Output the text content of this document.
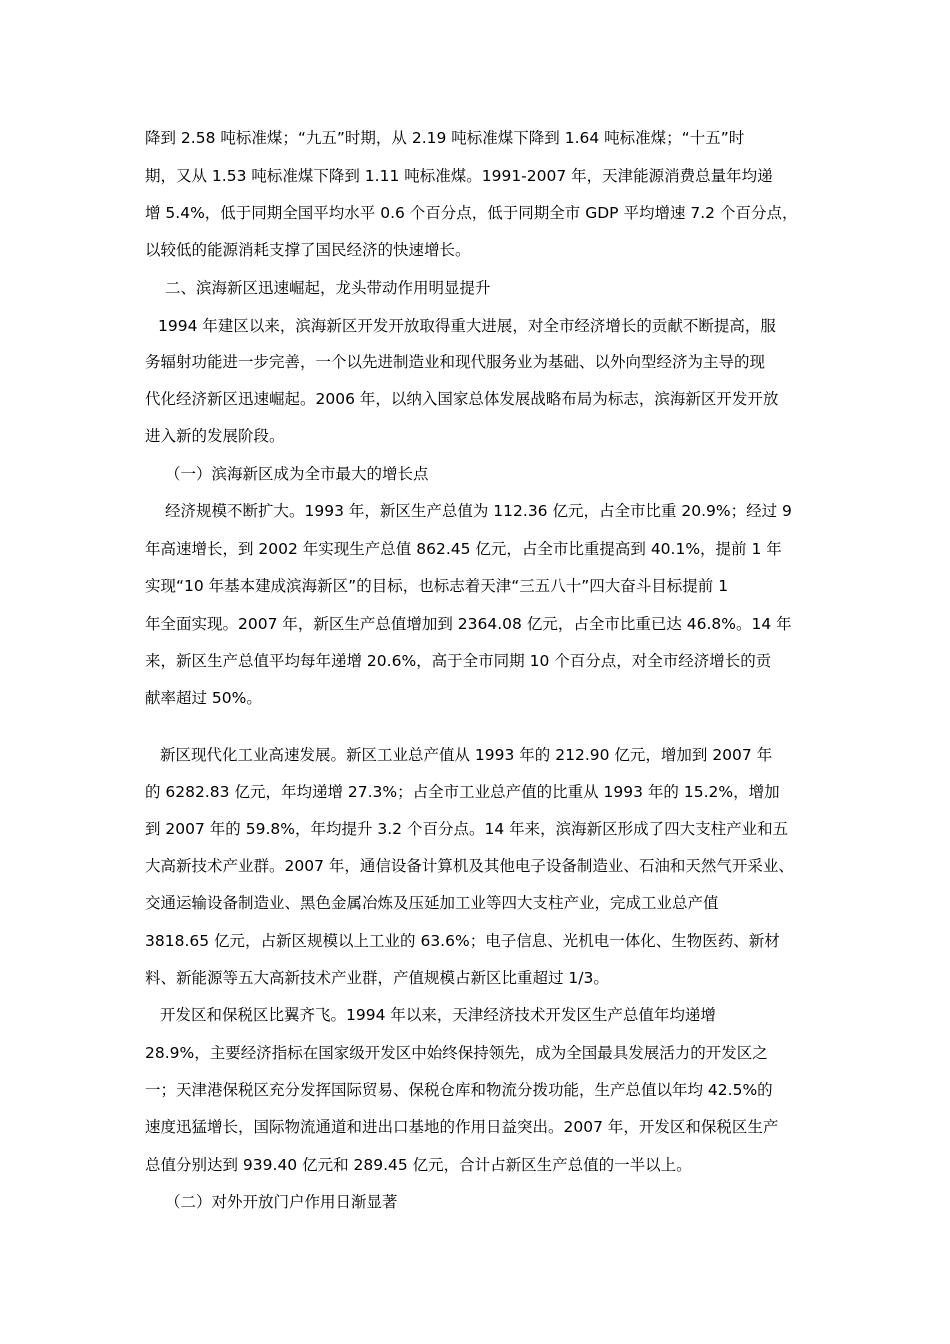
降到 2.58 吨标准煤；“九五”时期，从 2.19 吨标准煤下降到 1.64 吨标准煤；“十五”时
期，又从 1.53 吨标准煤下降到 1.11 吨标准煤。1991-2007 年，天津能源消费总量年均递
增 5.4%，低于同期全国平均水平 0.6 个百分点，低于同期全市 GDP 平均增速 7.2 个百分点，
以较低的能源消耗支撑了国民经济的快速增长。
二、滨海新区迅速崛起，龙头带动作用明显提升
1994 年建区以来，滨海新区开发开放取得重大进展，对全市经济增长的贡献不断提高，服
务辐射功能进一步完善，一个以先进制造业和现代服务业为基础、以外向型经济为主导的现
代化经济新区迅速崛起。2006 年，以纳入国家总体发展战略布局为标志，滨海新区开发开放
进入新的发展阶段。
（一）滨海新区成为全市最大的增长点
经济规模不断扩大。1993 年，新区生产总值为 112.36 亿元，占全市比重 20.9%；经过 9
年高速增长，到 2002 年实现生产总值 862.45 亿元，占全市比重提高到 40.1%，提前 1 年
实现“10 年基本建成滨海新区”的目标，也标志着天津“三五八十”四大奋斗目标提前 1
年全面实现。2007 年，新区生产总值增加到 2364.08 亿元，占全市比重已达 46.8%。14 年
来，新区生产总值平均每年递增 20.6%，高于全市同期 10 个百分点，对全市经济增长的贡
献率超过 50%。
新区现代化工业高速发展。新区工业总产值从 1993 年的 212.90 亿元，增加到 2007 年
的 6282.83 亿元，年均递增 27.3%；占全市工业总产值的比重从 1993 年的 15.2%，增加
到 2007 年的 59.8%，年均提升 3.2 个百分点。14 年来，滨海新区形成了四大支柱产业和五
大高新技术产业群。2007 年，通信设备计算机及其他电子设备制造业、石油和天然气开采业、
交通运输设备制造业、黑色金属冶炼及压延加工业等四大支柱产业，完成工业总产值
3818.65 亿元，占新区规模以上工业的 63.6%；电子信息、光机电一体化、生物医药、新材
料、新能源等五大高新技术产业群，产值规模占新区比重超过 1/3。
开发区和保税区比翼齐飞。1994 年以来，天津经济技术开发区生产总值年均递增
28.9%，主要经济指标在国家级开发区中始终保持领先，成为全国最具发展活力的开发区之
一；天津港保税区充分发挥国际贸易、保税仓库和物流分拨功能，生产总值以年均 42.5%的
速度迅猛增长，国际物流通道和进出口基地的作用日益突出。2007 年，开发区和保税区生产
总值分别达到 939.40 亿元和 289.45 亿元，合计占新区生产总值的一半以上。
（二）对外开放门户作用日渐显著
